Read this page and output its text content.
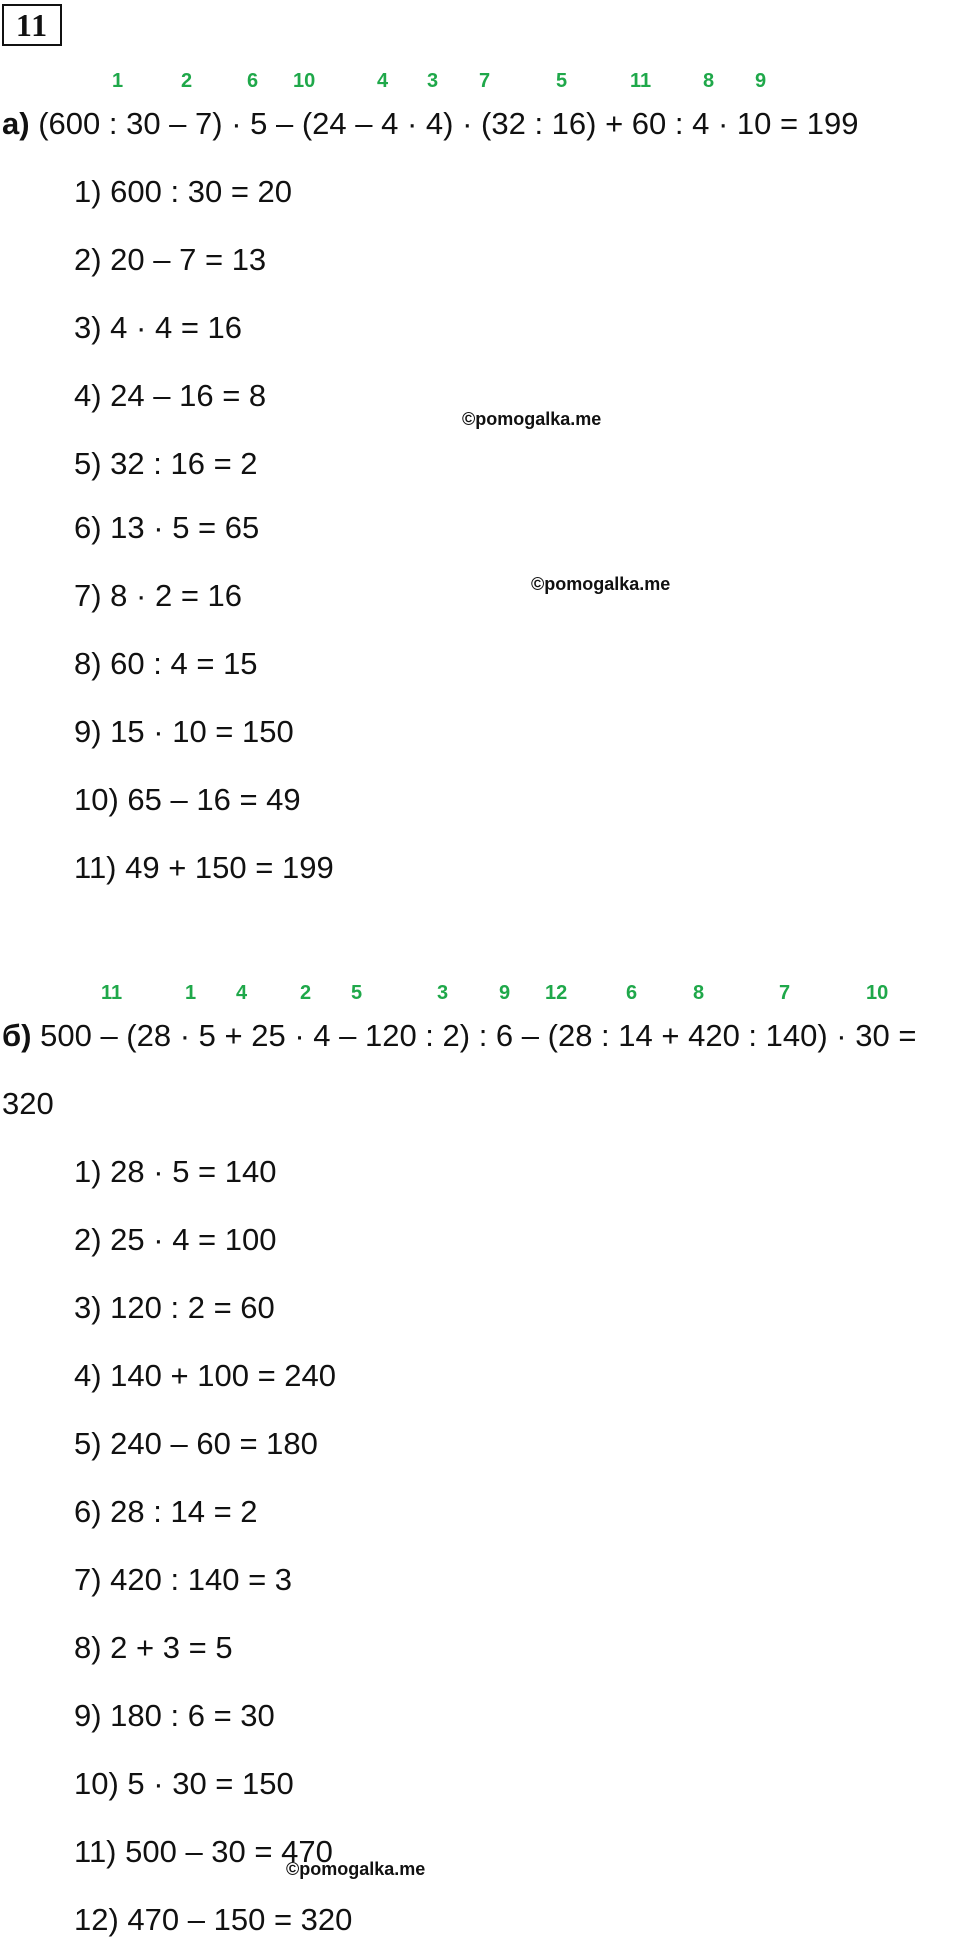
11
1	2	6 10	4 3 7	5	11	8 9
а) (600 : 30 – 7) · 5 – (24 – 4 · 4) · (32 : 16) + 60 : 4 · 10 = 199
1) 600 : 30 = 20
2) 20 – 7 = 13
3) 4 · 4 = 16
4) 24 – 16 = 8
5) 32 : 16 = 2
6) 13 · 5 = 65
7) 8 · 2 = 16
8) 60 : 4 = 15
9) 15 · 10 = 150
10) 65 – 16 = 49
11) 49 + 150 = 199
©pomogalka.me
©pomogalka.me
11	1 4	2 5	3	9 12	6	8	7	10
б) 500 – (28 · 5 + 25 · 4 – 120 : 2) : 6 – (28 : 14 + 420 : 140) · 30 =
320
1) 28 · 5 = 140
2) 25 · 4 = 100
3) 120 : 2 = 60
4) 140 + 100 = 240
5) 240 – 60 = 180
6) 28 : 14 = 2
7) 420 : 140 = 3
8) 2 + 3 = 5
9) 180 : 6 = 30
10) 5 · 30 = 150
11) 500 – 30 = 470
12) 470 – 150 = 320
©pomogalka.me
